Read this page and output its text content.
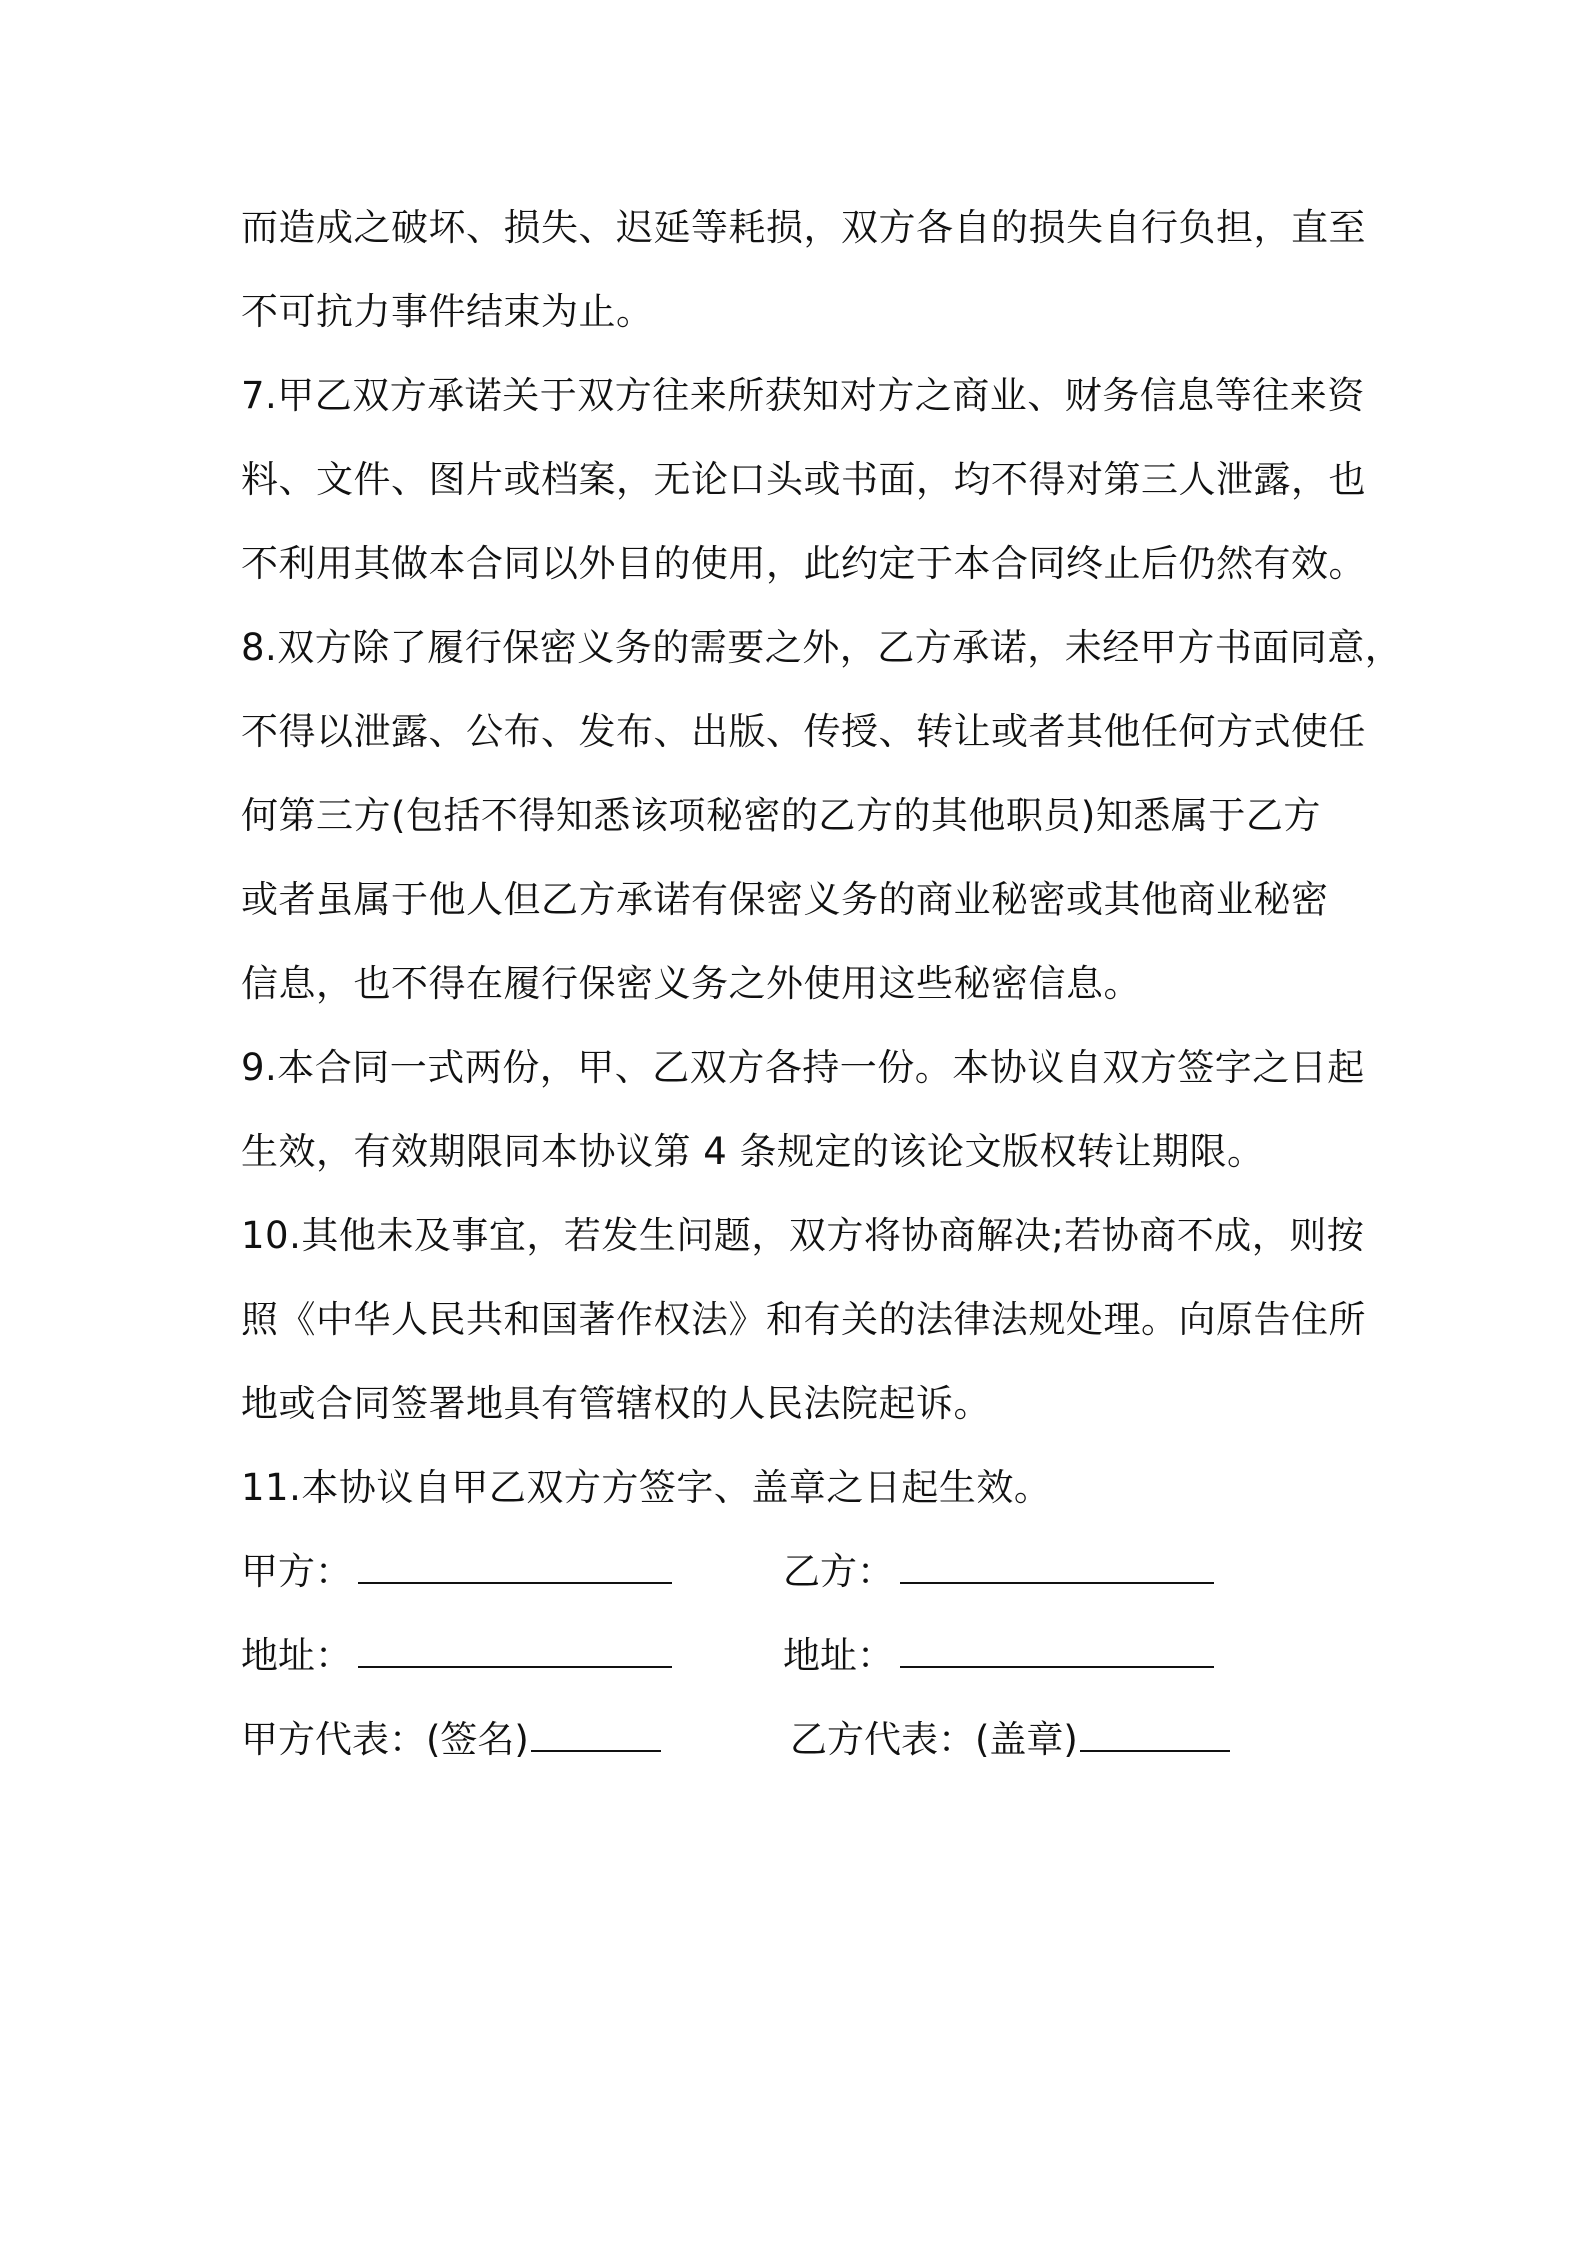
而造成之破坏、损失、迟延等耗损，双方各自的损失自行负担，直至
不可抗力事件结束为止。
7.甲乙双方承诺关于双方往来所获知对方之商业、财务信息等往来资
料、文件、图片或档案，无论口头或书面，均不得对第三人泄露，也
不利用其做本合同以外目的使用，此约定于本合同终止后仍然有效。
8.双方除了履行保密义务的需要之外，乙方承诺，未经甲方书面同意，
不得以泄露、公布、发布、出版、传授、转让或者其他任何方式使任
何第三方(包括不得知悉该项秘密的乙方的其他职员)知悉属于乙方
或者虽属于他人但乙方承诺有保密义务的商业秘密或其他商业秘密
信息，也不得在履行保密义务之外使用这些秘密信息。
9.本合同一式两份，甲、乙双方各持一份。本协议自双方签字之日起
生效，有效期限同本协议第 4 条规定的该论文版权转让期限。
10.其他未及事宜，若发生问题，双方将协商解决;若协商不成，则按
照《中华人民共和国著作权法》和有关的法律法规处理。向原告住所
地或合同签署地具有管辖权的人民法院起诉。
11.本协议自甲乙双方方签字、盖章之日起生效。
甲方：	乙方：
地址：	地址：
甲方代表：(签名)	乙方代表：(盖章)
